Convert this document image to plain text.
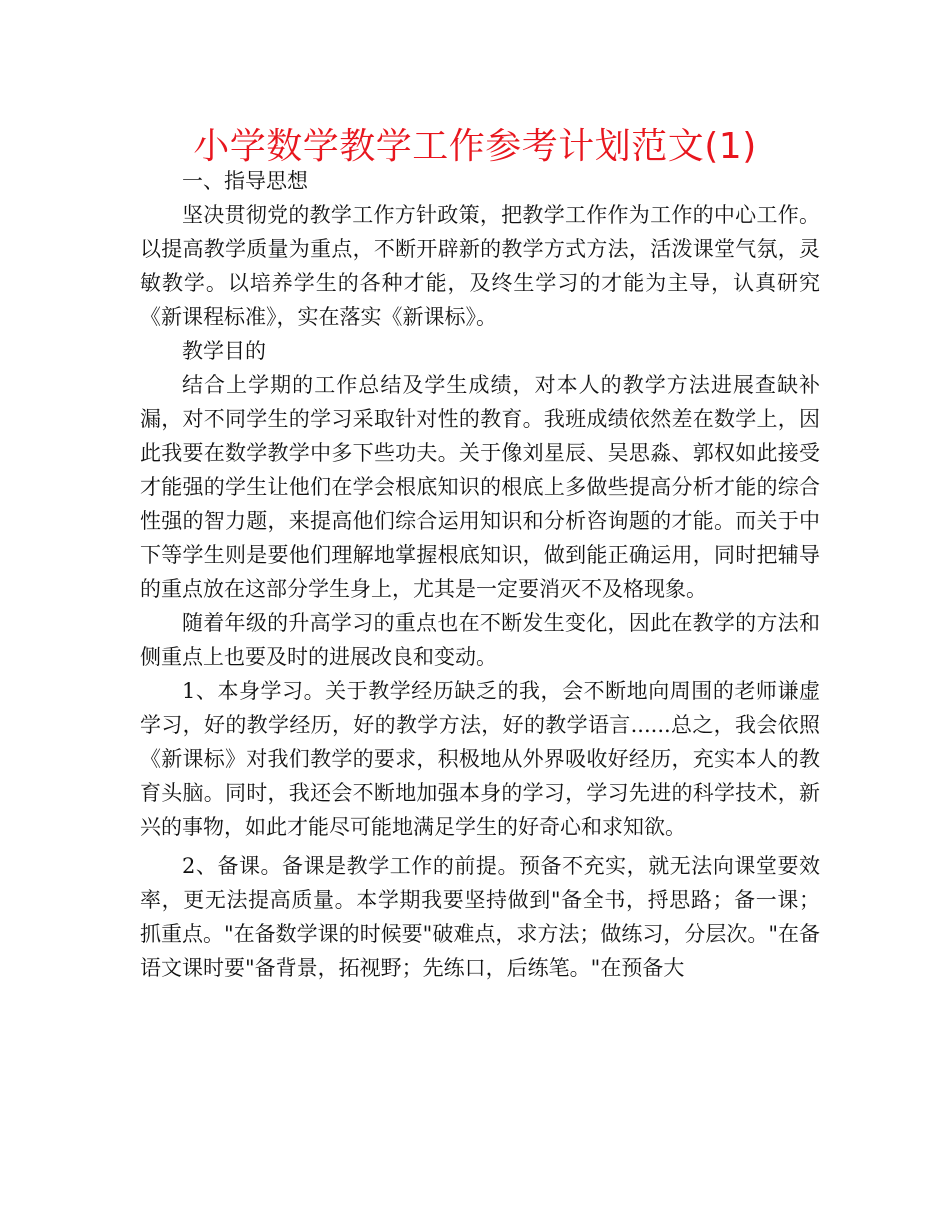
小学数学教学工作参考计划范文(1)

一、指导思想

坚决贯彻党的教学工作方针政策，把教学工作作为工作的中心工作。以提高教学质量为重点，不断开辟新的教学方式方法，活泼课堂气氛，灵敏教学。以培养学生的各种才能，及终生学习的才能为主导，认真研究《新课程标准》，实在落实《新课标》。

教学目的

结合上学期的工作总结及学生成绩，对本人的教学方法进展查缺补漏，对不同学生的学习采取针对性的教育。我班成绩依然差在数学上，因此我要在数学教学中多下些功夫。关于像刘星辰、吴思淼、郭权如此接受才能强的学生让他们在学会根底知识的根底上多做些提高分析才能的综合性强的智力题，来提高他们综合运用知识和分析咨询题的才能。而关于中下等学生则是要他们理解地掌握根底知识，做到能正确运用，同时把辅导的重点放在这部分学生身上，尤其是一定要消灭不及格现象。

随着年级的升高学习的重点也在不断发生变化，因此在教学的方法和侧重点上也要及时的进展改良和变动。

1、本身学习。关于教学经历缺乏的我，会不断地向周围的老师谦虚学习，好的教学经历，好的教学方法，好的教学语言......总之，我会依照《新课标》对我们教学的要求，积极地从外界吸收好经历，充实本人的教育头脑。同时，我还会不断地加强本身的学习，学习先进的科学技术，新兴的事物，如此才能尽可能地满足学生的好奇心和求知欲。

2、备课。备课是教学工作的前提。预备不充实，就无法向课堂要效率，更无法提高质量。本学期我要坚持做到"备全书，捋思路；备一课；抓重点。"在备数学课的时候要"破难点，求方法；做练习，分层次。"在备语文课时要"备背景，拓视野；先练口，后练笔。"在预备大
